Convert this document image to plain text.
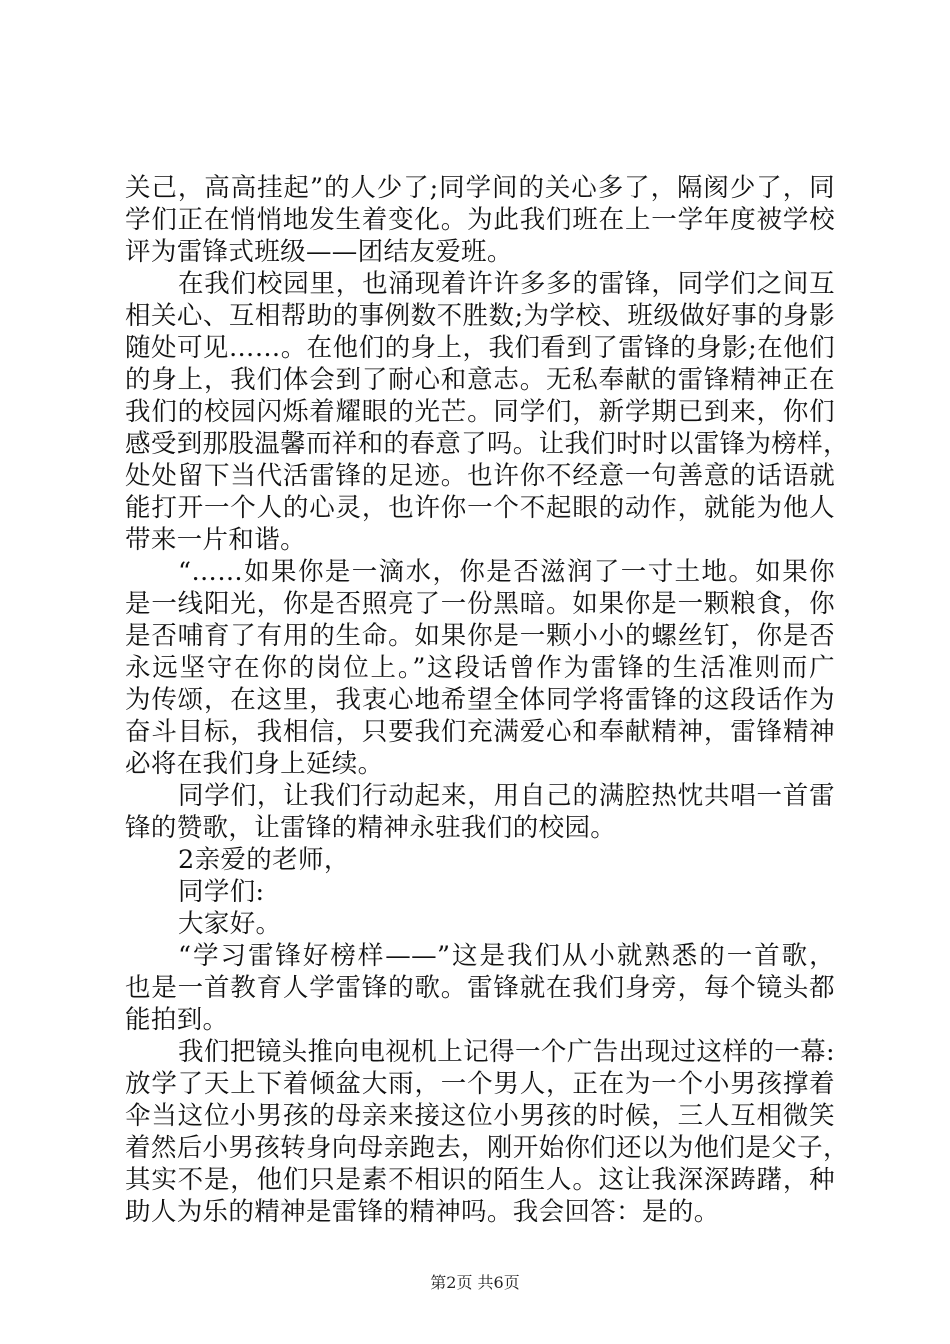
关己，高高挂起”的人少了;同学间的关心多了，隔阂少了，同
学们正在悄悄地发生着变化。为此我们班在上一学年度被学校
评为雷锋式班级——团结友爱班。
在我们校园里，也涌现着许许多多的雷锋，同学们之间互
相关心、互相帮助的事例数不胜数;为学校、班级做好事的身影
随处可见……。在他们的身上，我们看到了雷锋的身影;在他们
的身上，我们体会到了耐心和意志。无私奉献的雷锋精神正在
我们的校园闪烁着耀眼的光芒。同学们，新学期已到来，你们
感受到那股温馨而祥和的春意了吗。让我们时时以雷锋为榜样，
处处留下当代活雷锋的足迹。也许你不经意一句善意的话语就
能打开一个人的心灵，也许你一个不起眼的动作，就能为他人
带来一片和谐。
“……如果你是一滴水，你是否滋润了一寸土地。如果你
是一线阳光，你是否照亮了一份黑暗。如果你是一颗粮食，你
是否哺育了有用的生命。如果你是一颗小小的螺丝钉，你是否
永远坚守在你的岗位上。”这段话曾作为雷锋的生活准则而广
为传颂，在这里，我衷心地希望全体同学将雷锋的这段话作为
奋斗目标，我相信，只要我们充满爱心和奉献精神，雷锋精神
必将在我们身上延续。
同学们，让我们行动起来，用自己的满腔热忱共唱一首雷
锋的赞歌，让雷锋的精神永驻我们的校园。
2亲爱的老师，
同学们:
大家好。
“学习雷锋好榜样——”这是我们从小就熟悉的一首歌，
也是一首教育人学雷锋的歌。雷锋就在我们身旁，每个镜头都
能拍到。
我们把镜头推向电视机上记得一个广告出现过这样的一幕:
放学了天上下着倾盆大雨，一个男人，正在为一个小男孩撑着
伞当这位小男孩的母亲来接这位小男孩的时候，三人互相微笑
着然后小男孩转身向母亲跑去，刚开始你们还以为他们是父子，
其实不是，他们只是素不相识的陌生人。这让我深深踌躇，种
助人为乐的精神是雷锋的精神吗。我会回答：是的。
第2页 共6页
